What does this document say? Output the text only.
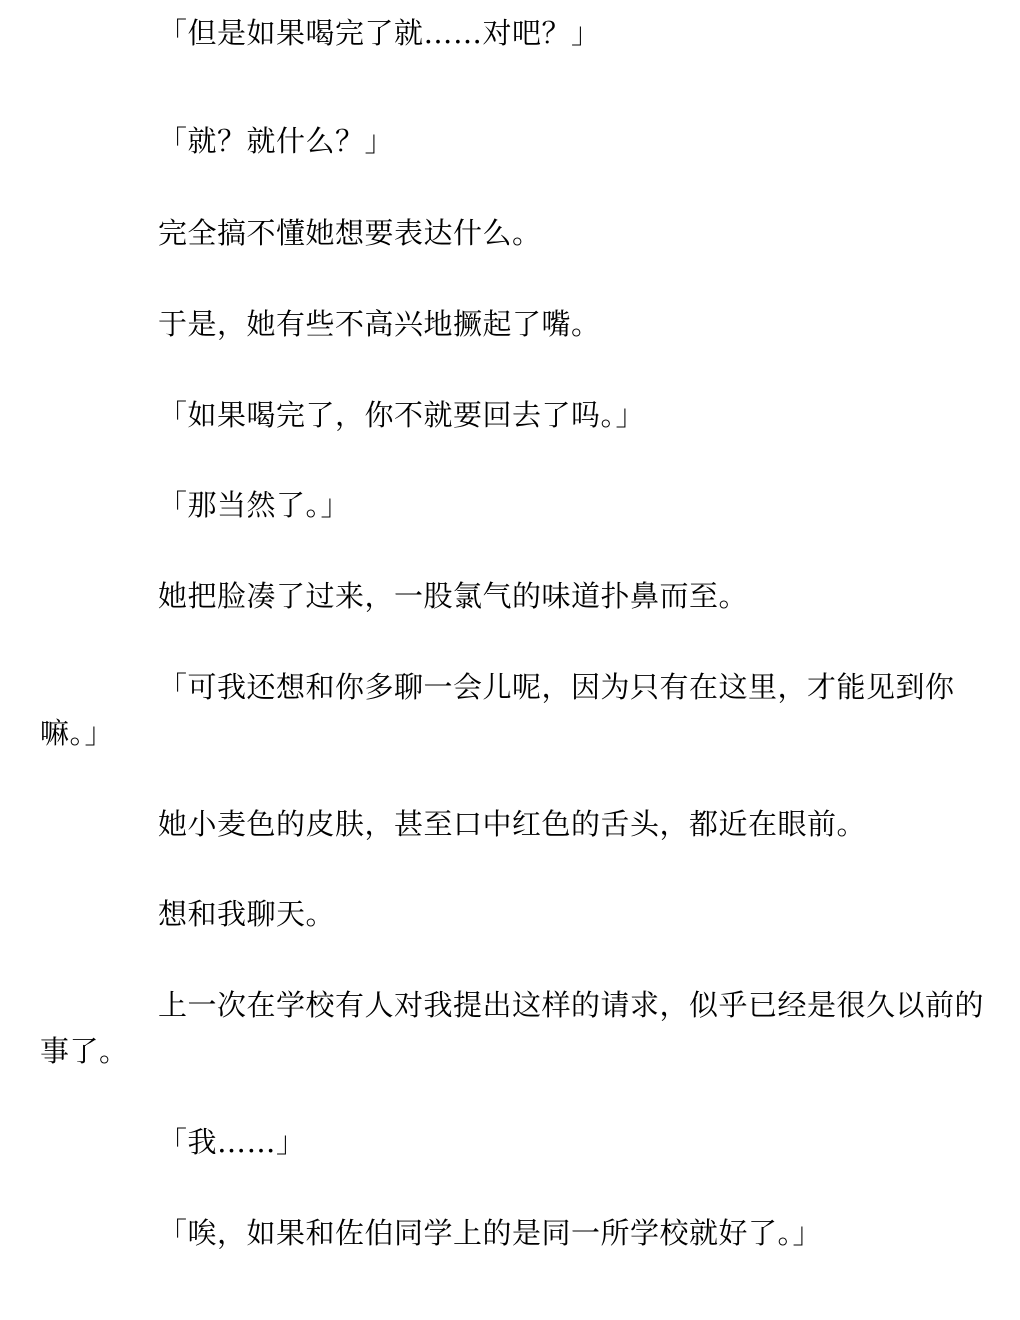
「但是如果喝完了就……对吧？」

「就？就什么？」

完全搞不懂她想要表达什么。

于是，她有些不高兴地撅起了嘴。

「如果喝完了，你不就要回去了吗。」

「那当然了。」

她把脸凑了过来，一股氯气的味道扑鼻而至。

「可我还想和你多聊一会儿呢，因为只有在这里，才能见到你嘛。」

她小麦色的皮肤，甚至口中红色的舌头，都近在眼前。

想和我聊天。

上一次在学校有人对我提出这样的请求，似乎已经是很久以前的事了。

「我……」

「唉，如果和佐伯同学上的是同一所学校就好了。」
